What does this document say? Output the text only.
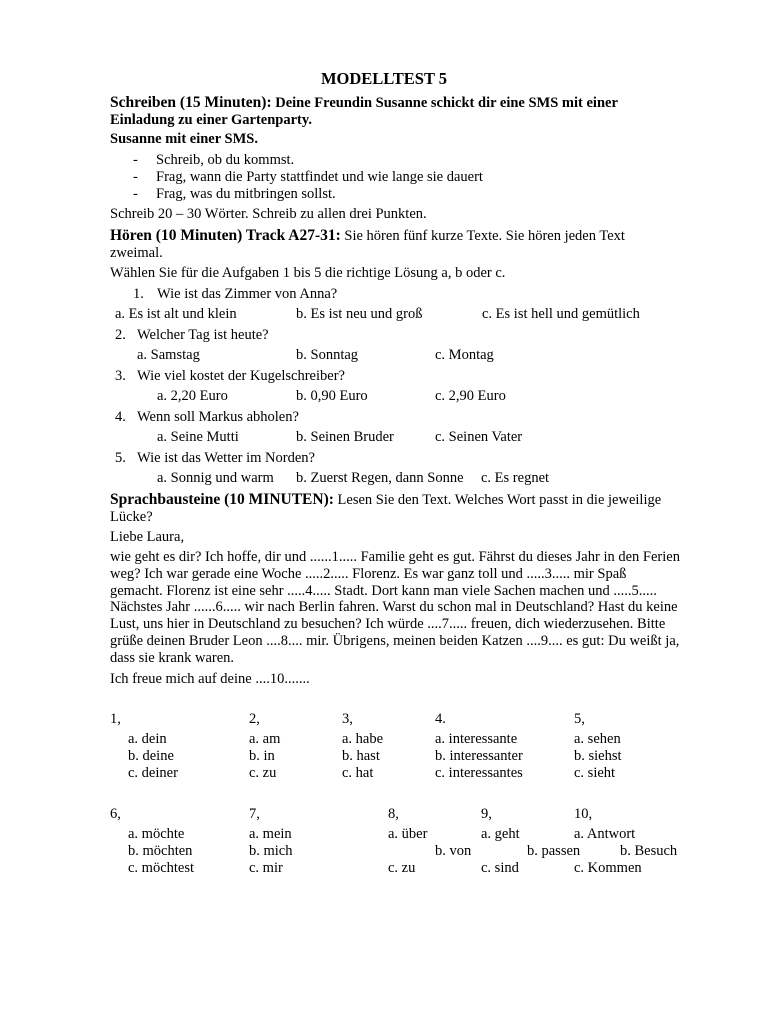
MODELLTEST 5
Schreiben (15 Minuten): Deine Freundin Susanne schickt dir eine SMS mit einer Einladung zu einer Gartenparty.
Susanne mit einer SMS.
- Schreib, ob du kommst.
- Frag, wann die Party stattfindet und wie lange sie dauert
- Frag, was du mitbringen sollst.
Schreib 20 – 30 Wörter. Schreib zu allen drei Punkten.
Hören (10 Minuten) Track A27-31: Sie hören fünf kurze Texte. Sie hören jeden Text zweimal.
Wählen Sie für die Aufgaben 1 bis 5 die richtige Lösung a, b oder c.
1. Wie ist das Zimmer von Anna?
a. Es ist alt und klein	b. Es ist neu und groß	c. Es ist hell und gemütlich
2. Welcher Tag ist heute?
a. Samstag	b. Sonntag	c. Montag
3. Wie viel kostet der Kugelschreiber?
a. 2,20 Euro	b. 0,90 Euro	c. 2,90 Euro
4. Wenn soll Markus abholen?
a. Seine Mutti	b. Seinen Bruder	c. Seinen Vater
5. Wie ist das Wetter im Norden?
a. Sonnig und warm b. Zuerst Regen, dann Sonne c. Es regnet
Sprachbausteine (10 MINUTEN): Lesen Sie den Text. Welches Wort passt in die jeweilige Lücke?
Liebe Laura,
wie geht es dir? Ich hoffe, dir und ......1..... Familie geht es gut. Fährst du dieses Jahr in den Ferien weg? Ich war gerade eine Woche .....2..... Florenz. Es war ganz toll und .....3..... mir Spaß gemacht. Florenz ist eine sehr .....4..... Stadt. Dort kann man viele Sachen machen und .....5..... Nächstes Jahr ......6..... wir nach Berlin fahren. Warst du schon mal in Deutschland? Hast du keine Lust, uns hier in Deutschland zu besuchen? Ich würde ....7..... freuen, dich wiederzusehen. Bitte grüße deinen Bruder Leon ....8.... mir. Übrigens, meinen beiden Katzen ....9.... es gut: Du weißt ja, dass sie krank waren.
Ich freue mich auf deine ....10.......
1,
a. dein
b. deine
c. deiner
2,
a. am
b. in
c. zu
3,
a. habe
b. hast
c. hat
4.
a. interessante
b. interessanter
c. interessantes
5,
a. sehen
b. siehst
c. sieht
6,
a. möchte
b. möchten
c. möchtest
7,
a. mein
b. mich
c. mir
8,
a. über
b. von
c. zu
9,
a. geht
b. passen
c. sind
10,
a. Antwort
b. Besuch
c. Kommen
